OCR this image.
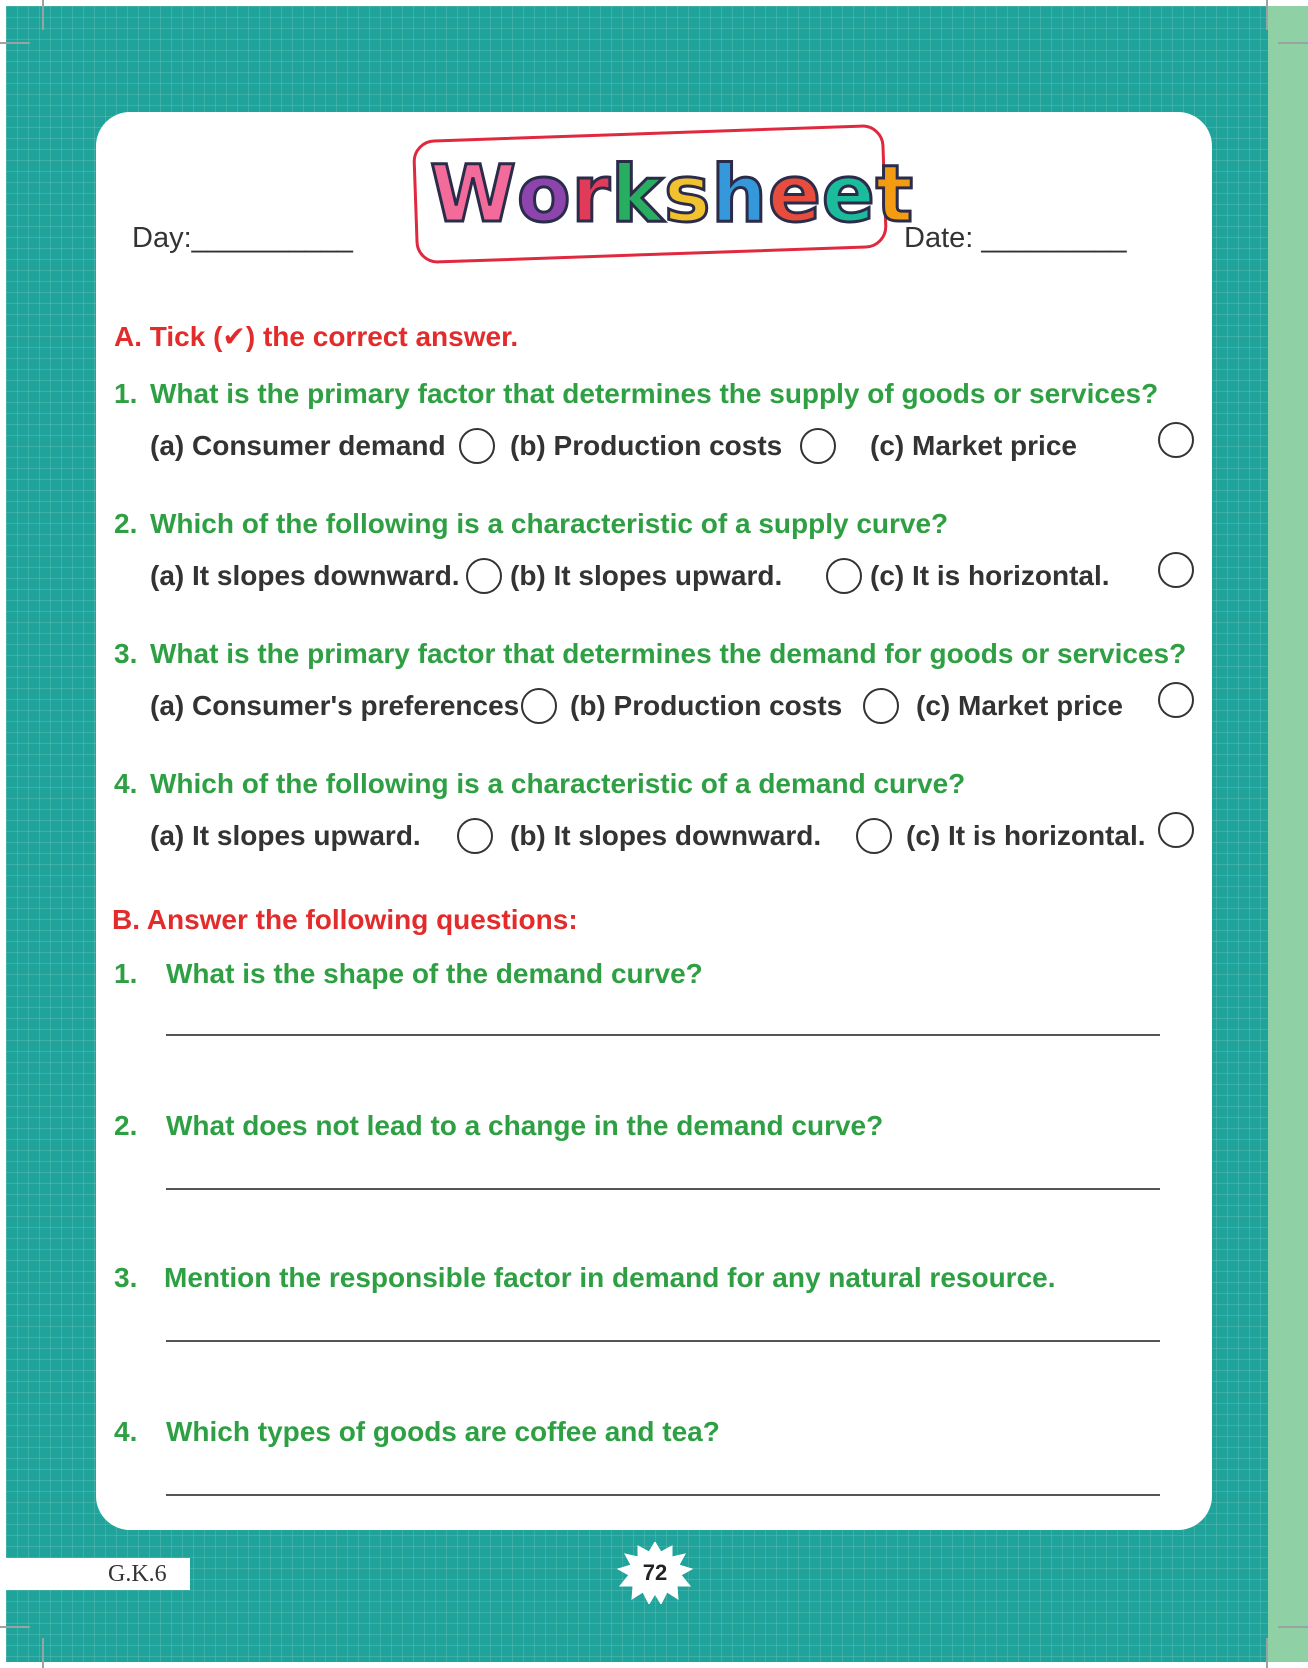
Day:__________ Worksheet
Date: _________
A. Tick (✔) the correct answer.
1. What is the primary factor that determines the supply of goods or services?
(a) Consumer demand (b) Production costs	(c) Market price
2. Which of the following is a characteristic of a supply curve?
(a) It slopes downward. (b) It slopes upward.	(c) It is horizontal.
3. What is the primary factor that determines the demand for goods or services?
(a) Consumer's preferences (b) Production costs	(c) Market price
4. Which of the following is a characteristic of a demand curve?
(a) It slopes upward.	(b) It slopes downward.	(c) It is horizontal.
B. Answer the following questions:
1. What is the shape of the demand curve?
2. What does not lead to a change in the demand curve?
3. Mention the responsible factor in demand for any natural resource.
4. Which types of goods are coffee and tea?
G.K.6	72
